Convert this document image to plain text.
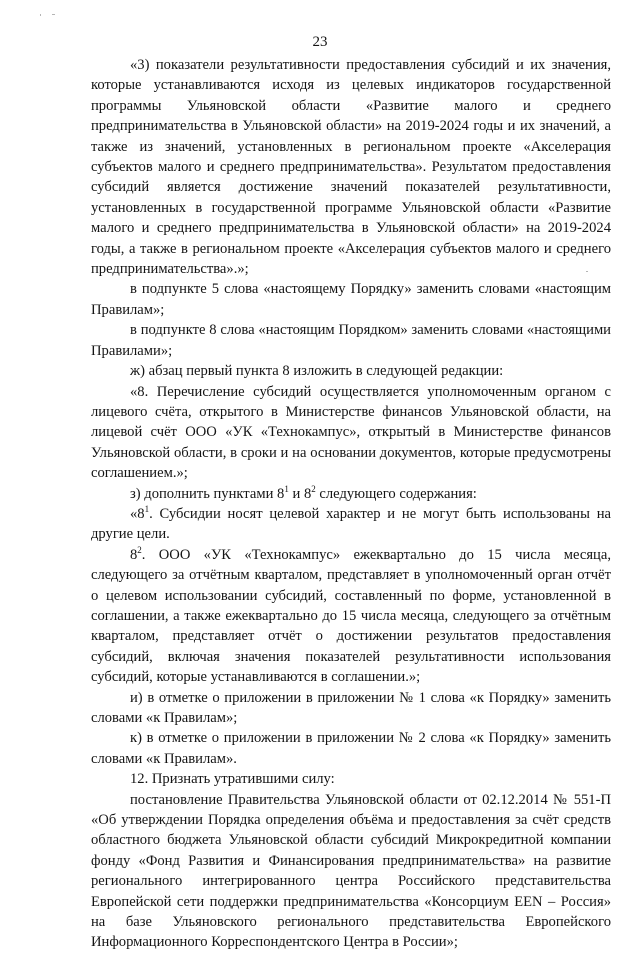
23

«3) показатели результативности предоставления субсидий и их значения, которые устанавливаются исходя из целевых индикаторов государственной программы Ульяновской области «Развитие малого и среднего предпринимательства в Ульяновской области» на 2019-2024 годы и их значений, а также из значений, установленных в региональном проекте «Акселерация субъектов малого и среднего предпринимательства». Результатом предоставления субсидий является достижение значений показателей результативности, установленных в государственной программе Ульяновской области «Развитие малого и среднего предпринимательства в Ульяновской области» на 2019-2024 годы, а также в региональном проекте «Акселерация субъектов малого и среднего предпринимательства».»;

в подпункте 5 слова «настоящему Порядку» заменить словами «настоящим Правилам»;

в подпункте 8 слова «настоящим Порядком» заменить словами «настоящими Правилами»;

ж) абзац первый пункта 8 изложить в следующей редакции:

«8. Перечисление субсидий осуществляется уполномоченным органом с лицевого счёта, открытого в Министерстве финансов Ульяновской области, на лицевой счёт ООО «УК «Технокампус», открытый в Министерстве финансов Ульяновской области, в сроки и на основании документов, которые предусмотрены соглашением.»;

з) дополнить пунктами $8^1$ и $8^2$ следующего содержания:

«$8^1$. Субсидии носят целевой характер и не могут быть использованы на другие цели.

$8^2$. ООО «УК «Технокампус» ежеквартально до 15 числа месяца, следующего за отчётным кварталом, представляет в уполномоченный орган отчёт о целевом использовании субсидий, составленный по форме, установленной в соглашении, а также ежеквартально до 15 числа месяца, следующего за отчётным кварталом, представляет отчёт о достижении результатов предоставления субсидий, включая значения показателей результативности использования субсидий, которые устанавливаются в соглашении.»;

и) в отметке о приложении в приложении № 1 слова «к Порядку» заменить словами «к Правилам»;

к) в отметке о приложении в приложении № 2 слова «к Порядку» заменить словами «к Правилам».

12. Признать утратившими силу:

постановление Правительства Ульяновской области от 02.12.2014 № 551-П «Об утверждении Порядка определения объёма и предоставления за счёт средств областного бюджета Ульяновской области субсидий Микрокредитной компании фонду «Фонд Развития и Финансирования предпринимательства» на развитие регионального интегрированного центра Российского представительства Европейской сети поддержки предпринимательства «Консорциум EEN – Россия» на базе Ульяновского регионального представительства Европейского Информационного Корреспондентского Центра в России»;
